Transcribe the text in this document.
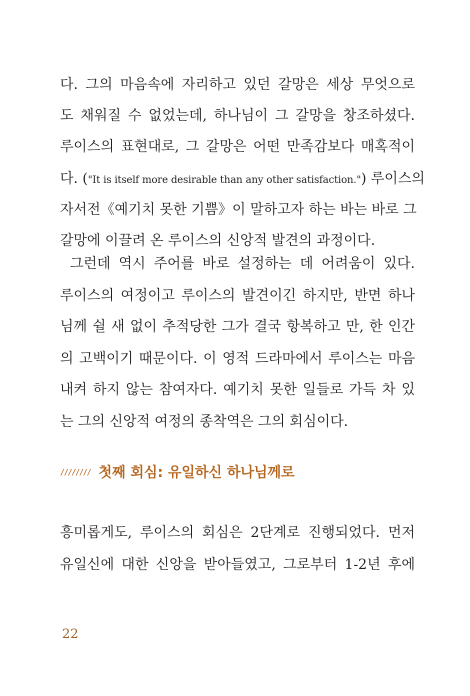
다. 그의 마음속에 자리하고 있던 갈망은 세상 무엇으로
도 채워질 수 없었는데, 하나님이 그 갈망을 창조하셨다.
루이스의 표현대로, 그 갈망은 어떤 만족감보다 매혹적이
다. ("It is itself more desirable than any other satisfaction.") 루이스의
자서전《예기치 못한 기쁨》이 말하고자 하는 바는 바로 그
갈망에 이끌려 온 루이스의 신앙적 발견의 과정이다.
그런데 역시 주어를 바로 설정하는 데 어려움이 있다.
루이스의 여정이고 루이스의 발견이긴 하지만, 반면 하나
님께 쉴 새 없이 추적당한 그가 결국 항복하고 만, 한 인간
의 고백이기 때문이다. 이 영적 드라마에서 루이스는 마음
내켜 하지 않는 참여자다. 예기치 못한 일들로 가득 차 있
는 그의 신앙적 여정의 종착역은 그의 회심이다.
//////// 첫째 회심: 유일하신 하나님께로
흥미롭게도, 루이스의 회심은 2단계로 진행되었다. 먼저
유일신에 대한 신앙을 받아들였고, 그로부터 1-2년 후에
22
